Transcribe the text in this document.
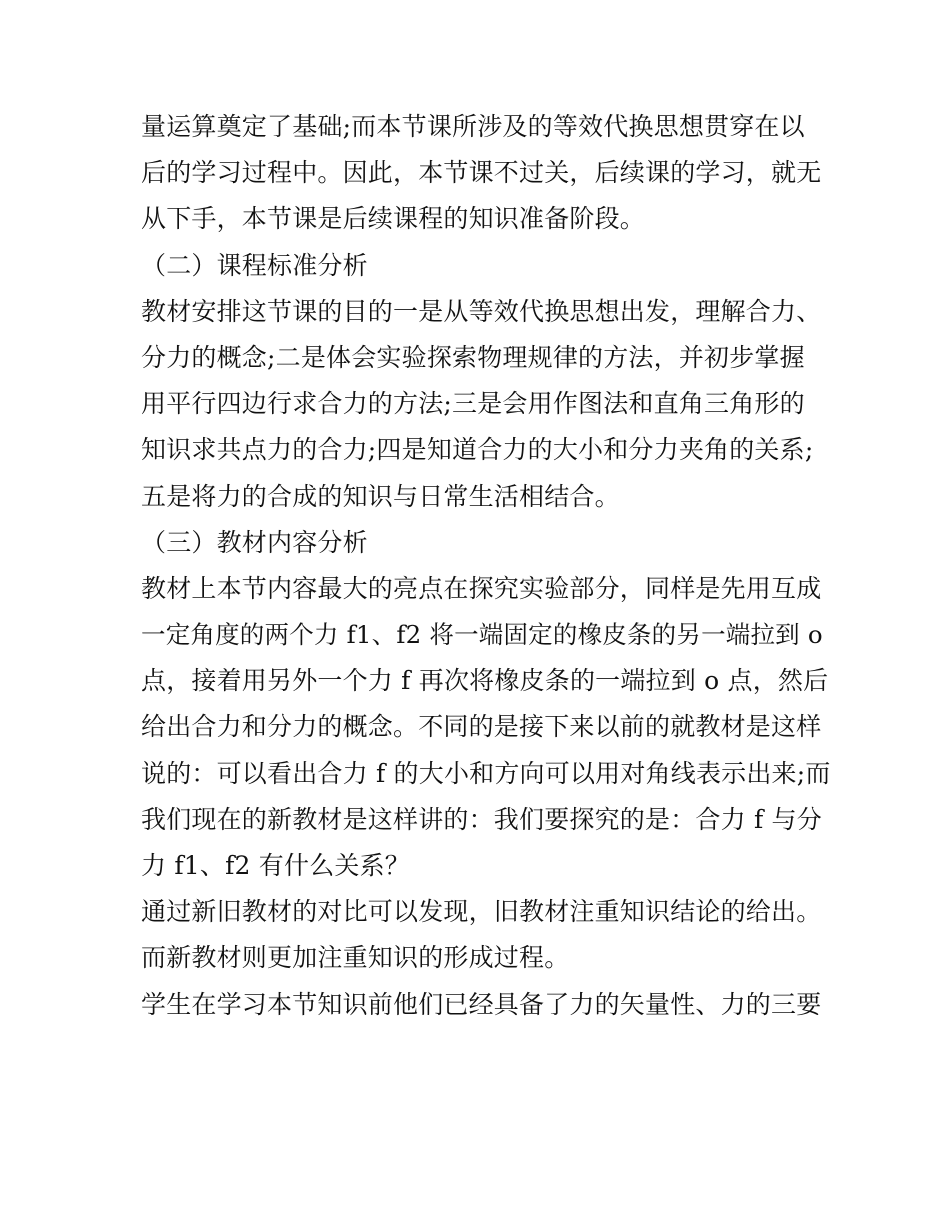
量运算奠定了基础;而本节课所涉及的等效代换思想贯穿在以
后的学习过程中。因此，本节课不过关，后续课的学习，就无
从下手，本节课是后续课程的知识准备阶段。
（二）课程标准分析
教材安排这节课的目的一是从等效代换思想出发，理解合力、
分力的概念;二是体会实验探索物理规律的方法，并初步掌握
用平行四边行求合力的方法;三是会用作图法和直角三角形的
知识求共点力的合力;四是知道合力的大小和分力夹角的关系;
五是将力的合成的知识与日常生活相结合。
（三）教材内容分析
教材上本节内容最大的亮点在探究实验部分，同样是先用互成
一定角度的两个力 f1、f2 将一端固定的橡皮条的另一端拉到 o
点，接着用另外一个力 f 再次将橡皮条的一端拉到 o 点，然后
给出合力和分力的概念。不同的是接下来以前的就教材是这样
说的：可以看出合力 f 的大小和方向可以用对角线表示出来;而
我们现在的新教材是这样讲的：我们要探究的是：合力 f 与分
力 f1、f2 有什么关系？
通过新旧教材的对比可以发现，旧教材注重知识结论的给出。
而新教材则更加注重知识的形成过程。
学生在学习本节知识前他们已经具备了力的矢量性、力的三要
